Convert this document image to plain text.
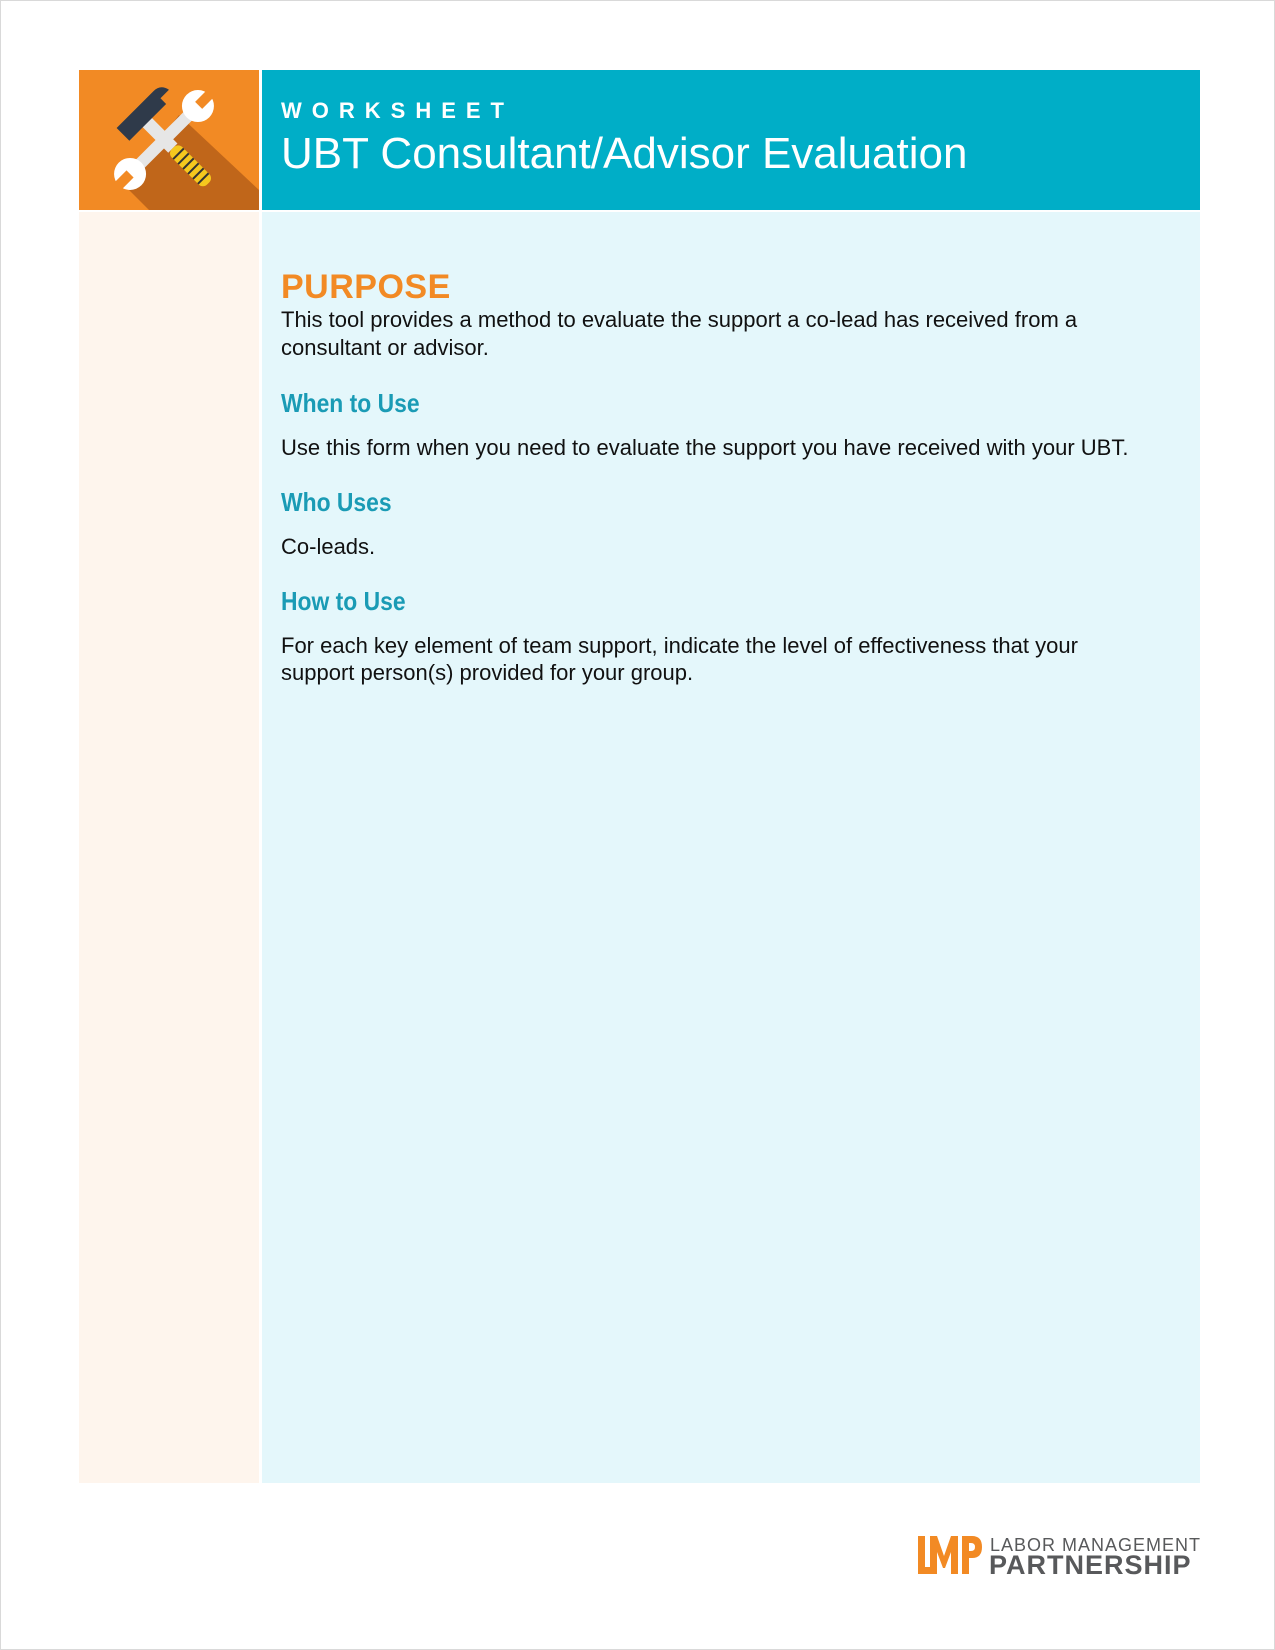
WORKSHEET
UBT Consultant/Advisor Evaluation
PURPOSE

This tool provides a method to evaluate the support a co-lead has received from a consultant or advisor.

When to Use

Use this form when you need to evaluate the support you have received with your UBT.

Who Uses

Co-leads.

How to Use

For each key element of team support, indicate the level of effectiveness that your support person(s) provided for your group.

LABOR MANAGEMENT
PARTNERSHIP
